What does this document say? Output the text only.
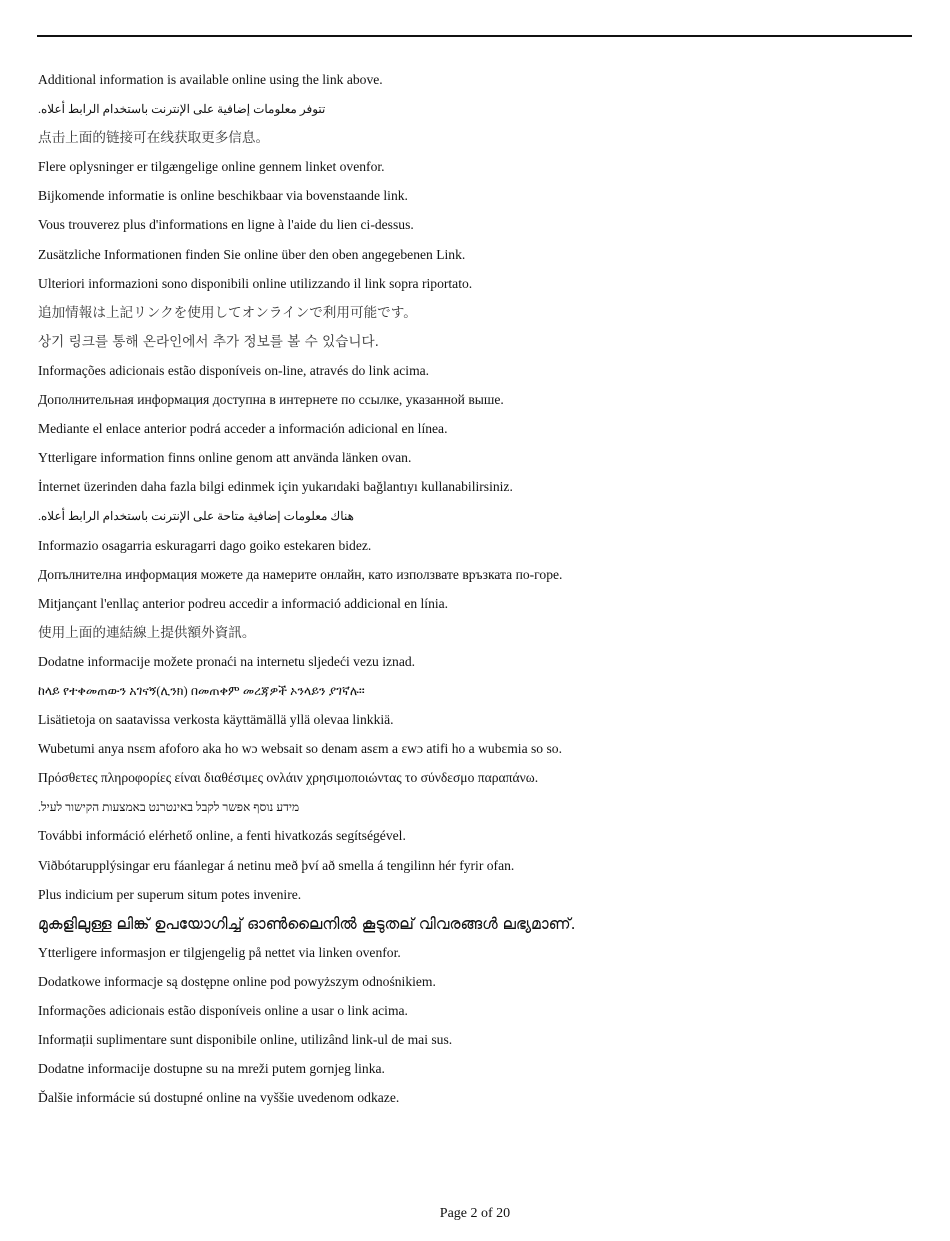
Additional information is available online using the link above.
تتوفر معلومات إضافية على الإنترنت باستخدام الرابط أعلاه.
点击上面的链接可在线获取更多信息。
Flere oplysninger er tilgængelige online gennem linket ovenfor.
Bijkomende informatie is online beschikbaar via bovenstaande link.
Vous trouverez plus d'informations en ligne à l'aide du lien ci-dessus.
Zusätzliche Informationen finden Sie online über den oben angegebenen Link.
Ulteriori informazioni sono disponibili online utilizzando il link sopra riportato.
追加情報は上記リンクを使用してオンラインで利用可能です。
상기 링크를 통해 온라인에서 추가 정보를 볼 수 있습니다.
Informações adicionais estão disponíveis on-line, através do link acima.
Дополнительная информация доступна в интернете по ссылке, указанной выше.
Mediante el enlace anterior podrá acceder a información adicional en línea.
Ytterligare information finns online genom att använda länken ovan.
İnternet üzerinden daha fazla bilgi edinmek için yukarıdaki bağlantıyı kullanabilirsiniz.
هناك معلومات إضافية متاحة على الإنترنت باستخدام الرابط أعلاه.
Informazio osagarria eskuragarri dago goiko estekaren bidez.
Допълнителна информация можете да намерите онлайн, като използвате връзката по-горе.
Mitjançant l'enllaç anterior podreu accedir a informació addicional en línia.
使用上面的連結線上提供額外資訊。
Dodatne informacije možete pronaći na internetu sljedeći vezu iznad.
ከላይ የተቀመጠውን አገናኝ(ሊንክ) በመጠቀም መረጃዎች ኦንላይን ያገኛሉ።
Lisätietoja on saatavissa verkosta käyttämällä yllä olevaa linkkiä.
Wubetumi anya nsɛm afoforo aka ho wɔ websait so denam asɛm a ɛwɔ atifi ho a wubɛmia so so.
Πρόσθετες πληροφορίες είναι διαθέσιμες ονλάιν χρησιμοποιώντας το σύνδεσμο παραπάνω.
מידע נוסף אפשר לקבל באינטרנט באמצעות הקישור לעיל.
További információ elérhető online, a fenti hivatkozás segítségével.
Viðbótarupplýsingar eru fáanlegar á netinu með því að smella á tengilinn hér fyrir ofan.
Plus indicium per superum situm potes invenire.
മുകളിലുള്ള ലിങ്ക് ഉപയോഗിച്ച് ഓൺലൈനിൽ കൂടുതല് വിവരങ്ങൾ ലഭ്യമാണ്.
Ytterligere informasjon er tilgjengelig på nettet via linken ovenfor.
Dodatkowe informacje są dostępne online pod powyższym odnośnikiem.
Informações adicionais estão disponíveis online a usar o link acima.
Informații suplimentare sunt disponibile online, utilizând link-ul de mai sus.
Dodatne informacije dostupne su na mreži putem gornjeg linka.
Ďalšie informácie sú dostupné online na vyššie uvedenom odkaze.
Page 2 of 20
